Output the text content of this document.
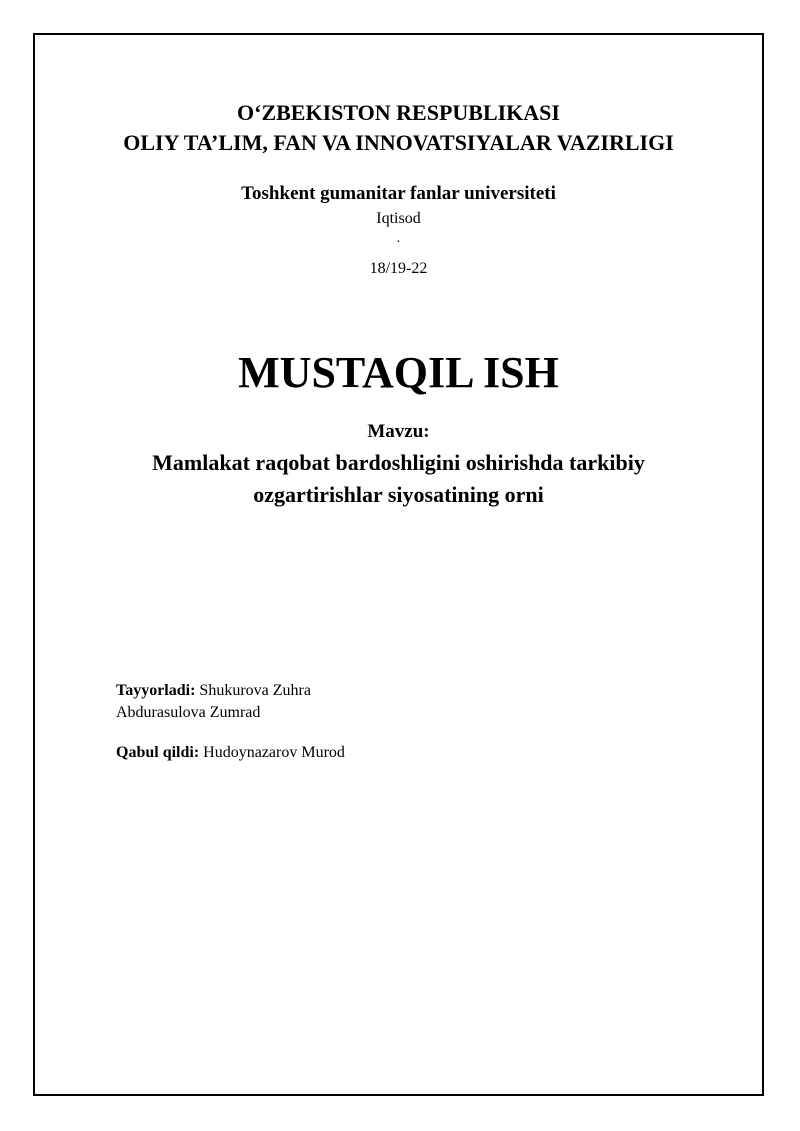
O‘ZBEKISTON RESPUBLIKASI
OLIY TA’LIM, FAN VA INNOVATSIYALAR VAZIRLIGI
Toshkent gumanitar fanlar universiteti
Iqtisod
.
18/19-22
MUSTAQIL ISH
Mavzu:
Mamlakat raqobat bardoshligini oshirishda tarkibiy
ozgartirishlar siyosatining orni
Tayyorladi: Shukurova Zuhra
Abdurasulova Zumrad
Qabul qildi: Hudoynazarov Murod
